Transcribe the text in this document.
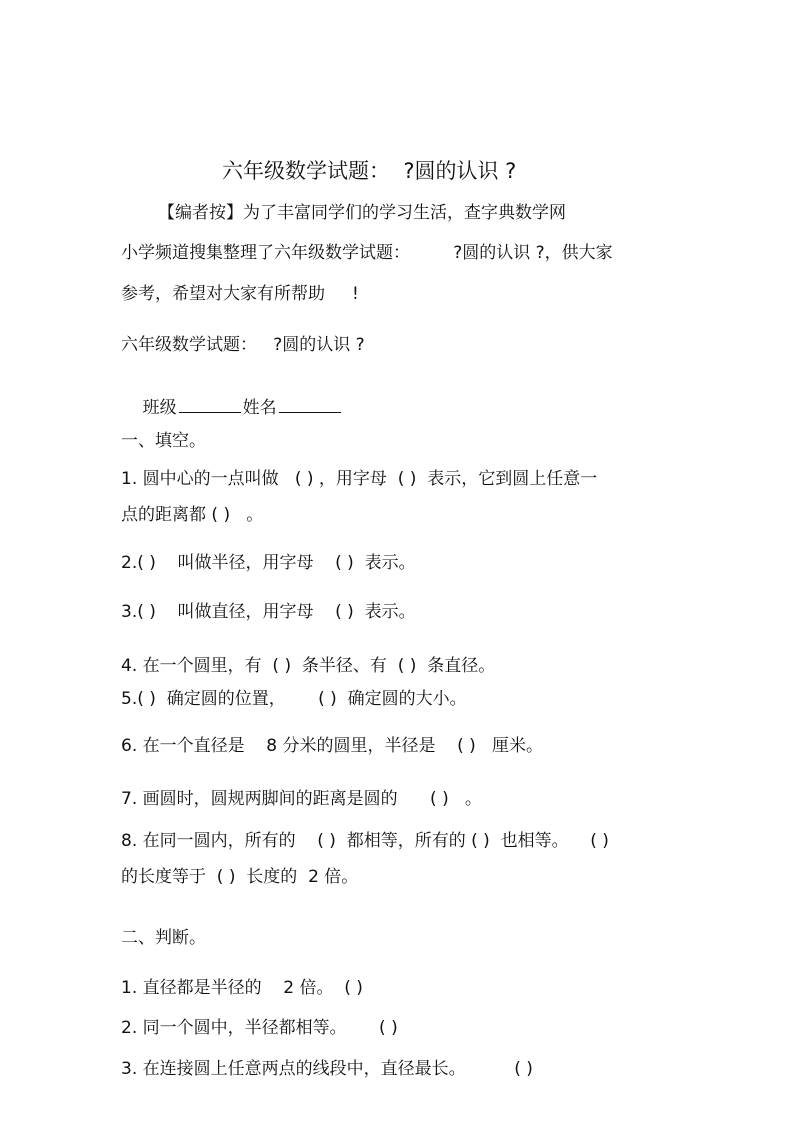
六年级数学试题：  ?圆的认识 ?
【编者按】为了丰富同学们的学习生活，查字典数学网
小学频道搜集整理了六年级数学试题：        ?圆的认识 ?，供大家
参考，希望对大家有所帮助     !
六年级数学试题：   ?圆的认识 ?

班级	姓名

一、填空。
1. 圆中心的一点叫做   ( ) ，用字母  ( )  表示，它到圆上任意一
点的距离都 ( )   。
2.( )    叫做半径，用字母    ( )  表示。
3.( )    叫做直径，用字母    ( )  表示。
4. 在一个圆里，有  ( )  条半径、有  ( )  条直径。
5.( )  确定圆的位置，      ( )  确定圆的大小。
6. 在一个直径是    8 分米的圆里，半径是    ( )   厘米。
7. 画圆时，圆规两脚间的距离是圆的      ( )   。
8. 在同一圆内，所有的    ( )  都相等，所有的 ( )  也相等。    ( )
的长度等于  ( )  长度的  2 倍。
二、判断。
1. 直径都是半径的    2 倍。  ( )
2. 同一个圆中，半径都相等。      ( )
3. 在连接圆上任意两点的线段中，直径最长。         ( )
